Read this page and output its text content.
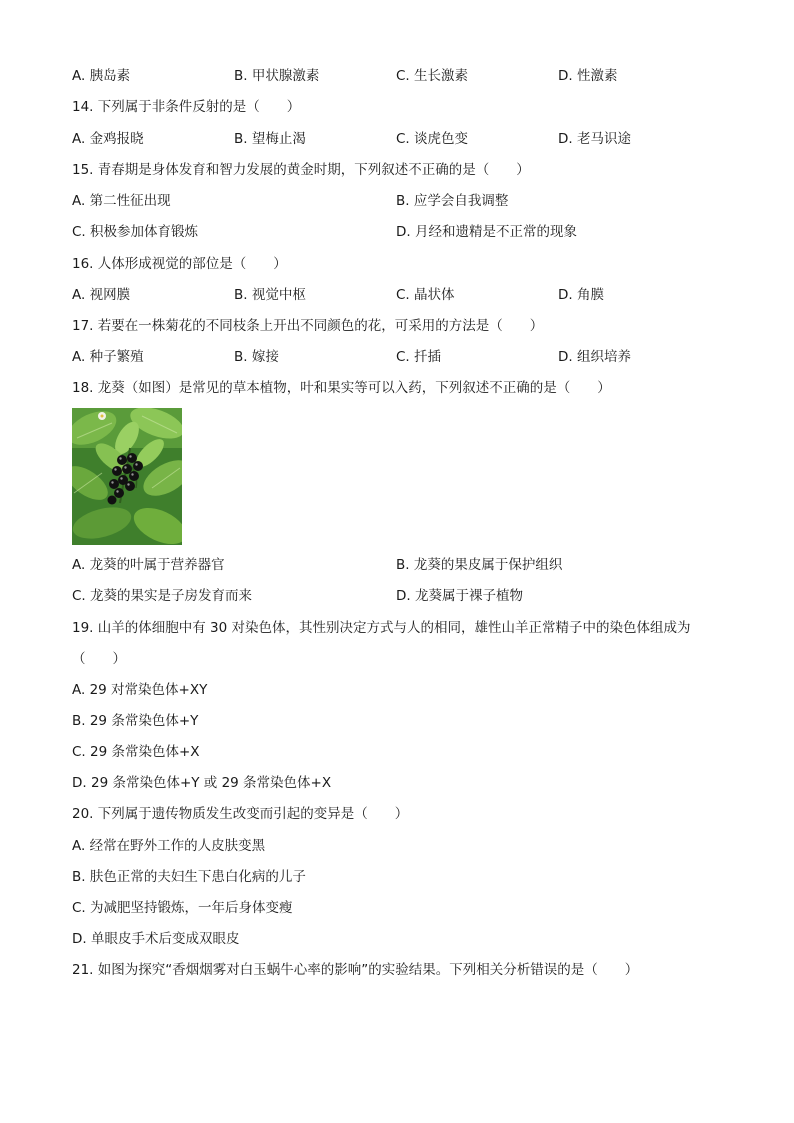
A. 胰岛素	B. 甲状腺激素	C. 生长激素	D. 性激素
14. 下列属于非条件反射的是（　　）
A. 金鸡报晓	B. 望梅止渴	C. 谈虎色变	D. 老马识途
15. 青春期是身体发育和智力发展的黄金时期，下列叙述不正确的是（　　）
A. 第二性征出现	B. 应学会自我调整
C. 积极参加体育锻炼	D. 月经和遗精是不正常的现象
16. 人体形成视觉的部位是（　　）
A. 视网膜	B. 视觉中枢	C. 晶状体	D. 角膜
17. 若要在一株菊花的不同枝条上开出不同颜色的花，可采用的方法是（　　）
A. 种子繁殖	B. 嫁接	C. 扦插	D. 组织培养
18. 龙葵（如图）是常见的草本植物，叶和果实等可以入药，下列叙述不正确的是（　　）
A. 龙葵的叶属于营养器官	B. 龙葵的果皮属于保护组织
C. 龙葵的果实是子房发育而来	D. 龙葵属于裸子植物
19. 山羊的体细胞中有 30 对染色体，其性别决定方式与人的相同，雄性山羊正常精子中的染色体组成为
（　　）
A. 29 对常染色体+XY
B. 29 条常染色体+Y
C. 29 条常染色体+X
D. 29 条常染色体+Y 或 29 条常染色体+X
20. 下列属于遗传物质发生改变而引起的变异是（　　）
A. 经常在野外工作的人皮肤变黑
B. 肤色正常的夫妇生下患白化病的儿子
C. 为减肥坚持锻炼，一年后身体变瘦
D. 单眼皮手术后变成双眼皮
21. 如图为探究“香烟烟雾对白玉蜗牛心率的影响”的实验结果。下列相关分析错误的是（　　）
